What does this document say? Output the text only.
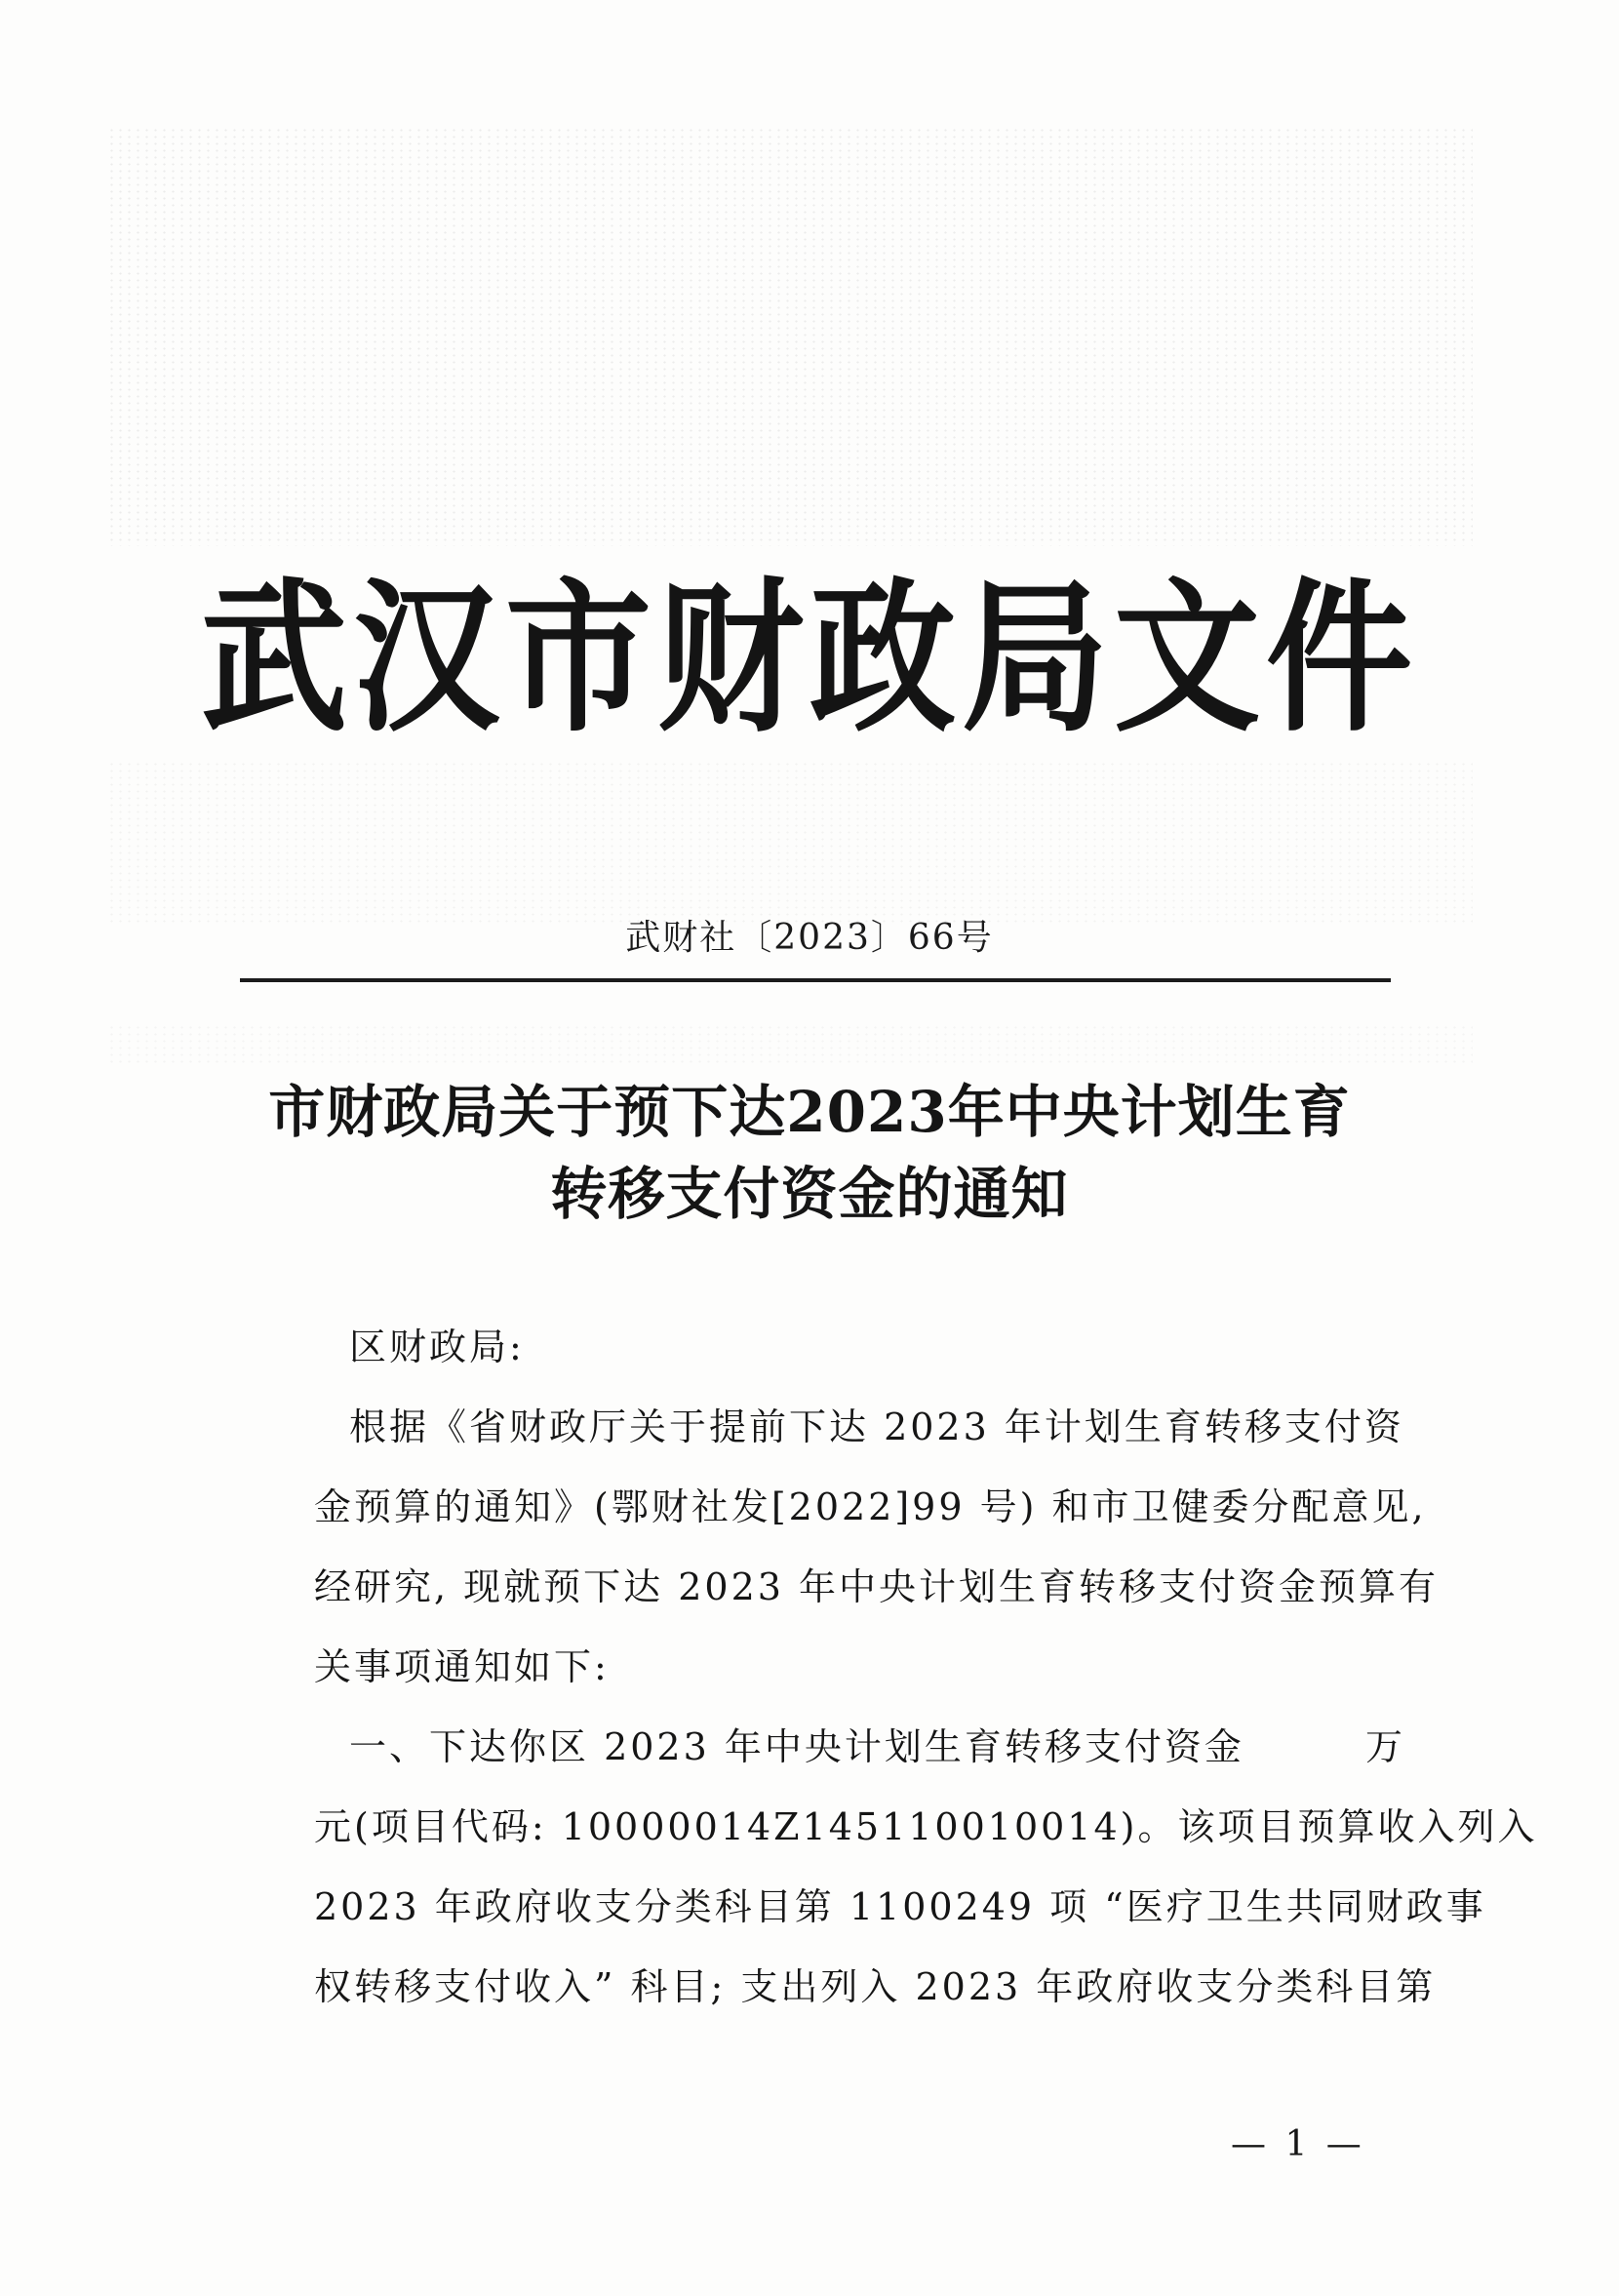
武汉市财政局文件
武财社〔2023〕66号
市财政局关于预下达2023年中央计划生育
转移支付资金的通知
区财政局:
根据《省财政厅关于提前下达 2023 年计划生育转移支付资
金预算的通知》(鄂财社发[2022]99 号) 和市卫健委分配意见,
经研究, 现就预下达 2023 年中央计划生育转移支付资金预算有
关事项通知如下:
一、下达你区 2023 年中央计划生育转移支付资金	万
元(项目代码: 10000014Z145110010014)。该项目预算收入列入
2023 年政府收支分类科目第 1100249 项 “医疗卫生共同财政事
权转移支付收入” 科目; 支出列入 2023 年政府收支分类科目第
— 1 —
